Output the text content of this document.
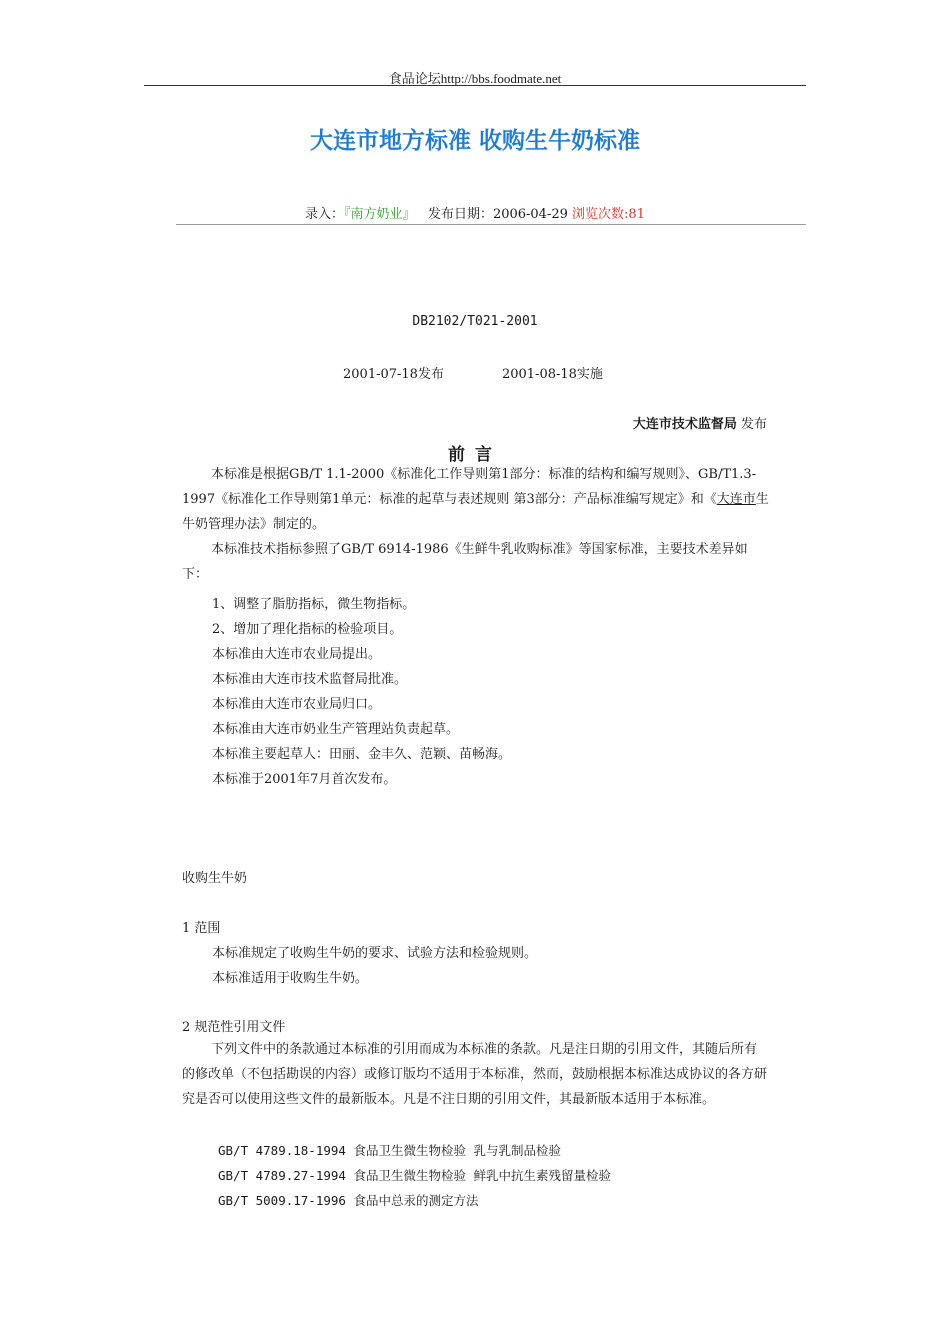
食品论坛http://bbs.foodmate.net
大连市地方标准 收购生牛奶标准
录入：『南方奶业』 发布日期：2006-04-29 浏览次数:81
DB2102/T021-2001
2001-07-18发布	2001-08-18实施
大连市技术监督局 发布
前言
本标准是根据GB/T 1.1-2000《标准化工作导则第1部分：标准的结构和编写规则》、GB/T1.3-1997《标准化工作导则第1单元：标准的起草与表述规则 第3部分：产品标准编写规定》和《大连市生牛奶管理办法》制定的。
本标准技术指标参照了GB/T 6914-1986《生鲜牛乳收购标准》等国家标准，主要技术差异如下：
1、调整了脂肪指标，微生物指标。
2、增加了理化指标的检验项目。
本标准由大连市农业局提出。
本标准由大连市技术监督局批准。
本标准由大连市农业局归口。
本标准由大连市奶业生产管理站负责起草。
本标准主要起草人：田丽、金丰久、范颖、苗畅海。
本标准于2001年7月首次发布。
收购生牛奶
1 范围
本标准规定了收购生牛奶的要求、试验方法和检验规则。
本标准适用于收购生牛奶。
2 规范性引用文件
下列文件中的条款通过本标准的引用而成为本标准的条款。凡是注日期的引用文件，其随后所有的修改单（不包括勘误的内容）或修订版均不适用于本标准，然而，鼓励根据本标准达成协议的各方研究是否可以使用这些文件的最新版本。凡是不注日期的引用文件，其最新版本适用于本标准。
GB/T 4789.18-1994 食品卫生微生物检验 乳与乳制品检验
GB/T 4789.27-1994 食品卫生微生物检验 鲜乳中抗生素残留量检验
GB/T 5009.17-1996 食品中总汞的测定方法
